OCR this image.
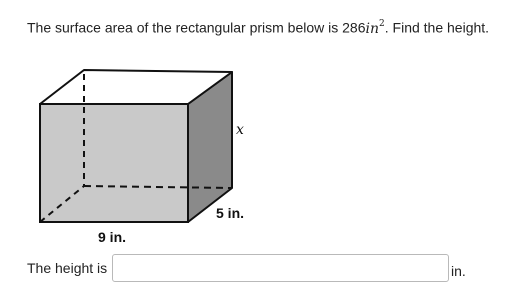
The surface area of the rectangular prism below is $286in^2$. Find the height.
x
5 in.
9 in.
The height is	in.
